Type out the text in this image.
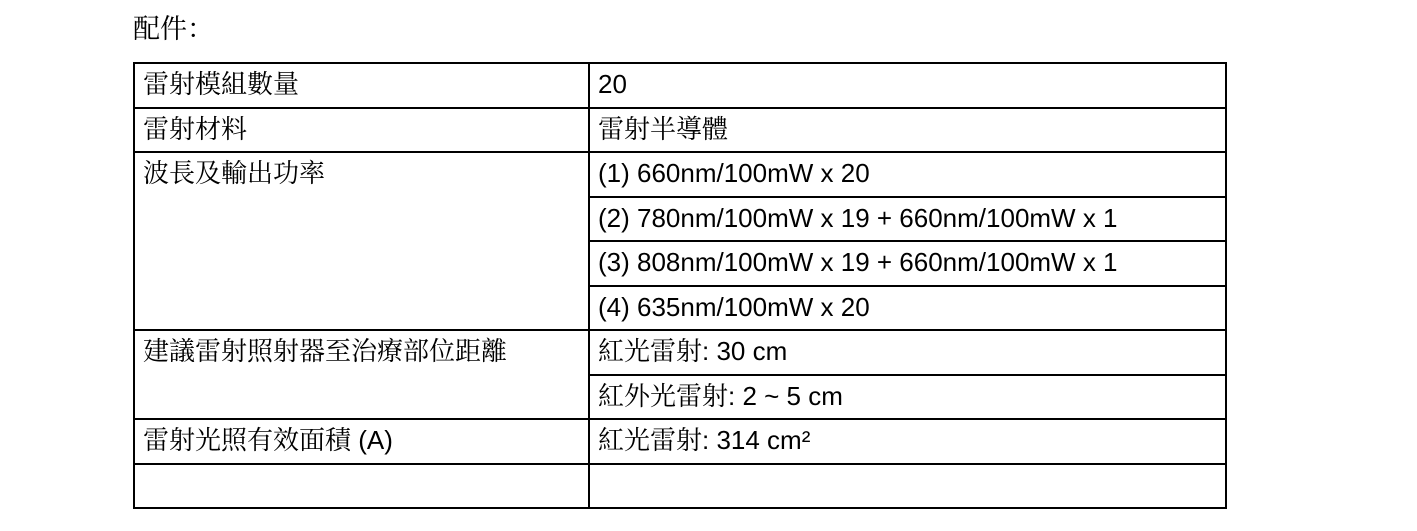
配件：
雷射模組數量	20
雷射材料	雷射半導體
波長及輸出功率	(1) 660nm/100mW x 20
	(2) 780nm/100mW x 19 + 660nm/100mW x 1
	(3) 808nm/100mW x 19 + 660nm/100mW x 1
	(4) 635nm/100mW x 20
建議雷射照射器至治療部位距離	紅光雷射: 30 cm
	紅外光雷射: 2 ~ 5 cm
雷射光照有效面積 (A)	紅光雷射: 314 cm²
